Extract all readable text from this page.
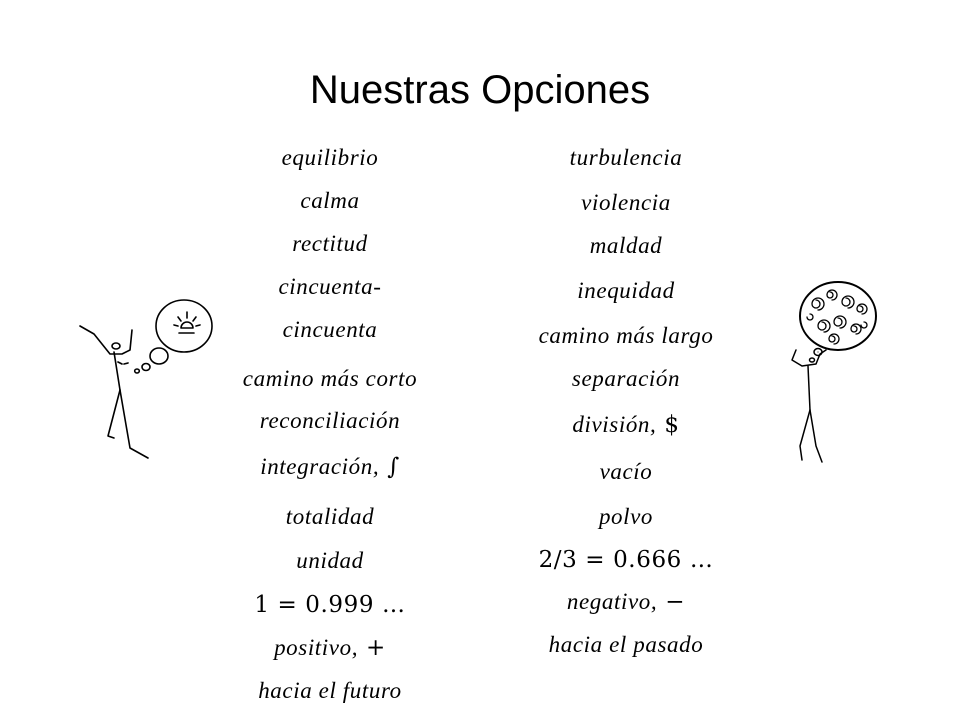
Nuestras Opciones
equilibrio
calma
rectitud
cincuenta-
cincuenta
camino más corto
reconciliación
integración, ∫
totalidad
unidad
1 = 0.999 …
positivo, +
hacia el futuro
turbulencia
violencia
maldad
inequidad
camino más largo
separación
división, $
vacío
polvo
2/3 = 0.666 …
negativo, −
hacia el pasado
